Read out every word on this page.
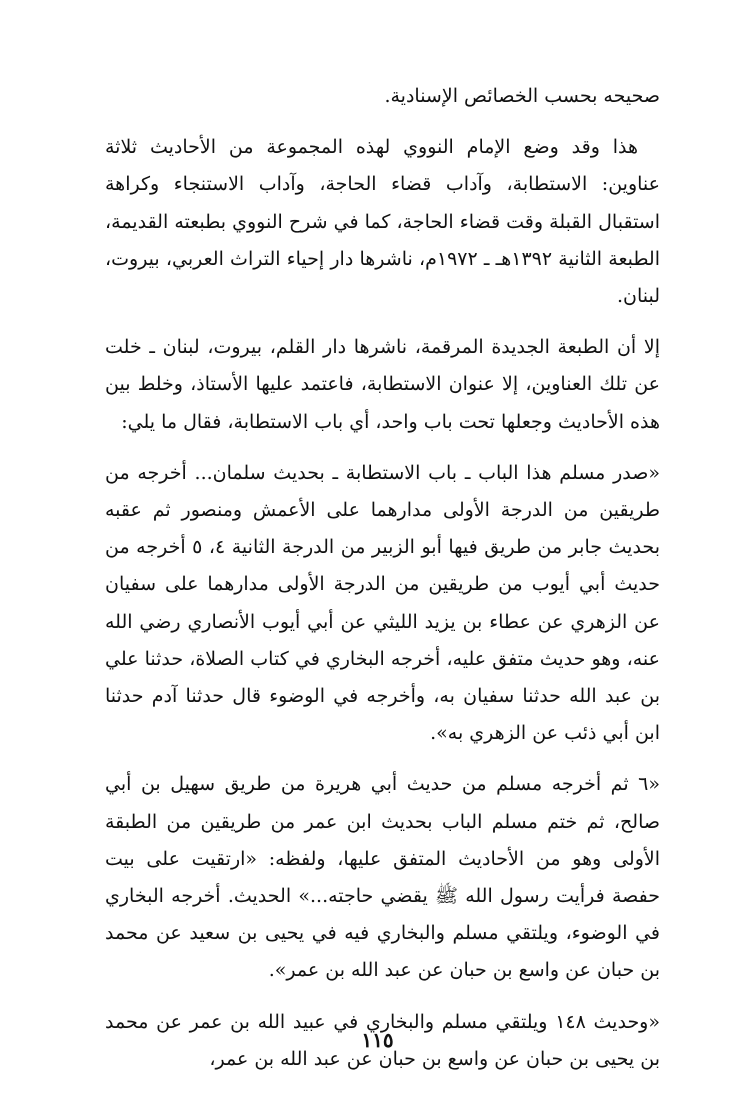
صحيحه بحسب الخصائص الإسنادية.

هذا وقد وضع الإمام النووي لهذه المجموعة من الأحاديث ثلاثة عناوين: الاستطابة، وآداب قضاء الحاجة، وآداب الاستنجاء وكراهة استقبال القبلة وقت قضاء الحاجة، كما في شرح النووي بطبعته القديمة، الطبعة الثانية ١٣٩٢هـ ـ ١٩٧٢م، ناشرها دار إحياء التراث العربي، بيروت، لبنان.

إلا أن الطبعة الجديدة المرقمة، ناشرها دار القلم، بيروت، لبنان ـ خلت عن تلك العناوين، إلا عنوان الاستطابة، فاعتمد عليها الأستاذ، وخلط بين هذه الأحاديث وجعلها تحت باب واحد، أي باب الاستطابة، فقال ما يلي:

«صدر مسلم هذا الباب ـ باب الاستطابة ـ بحديث سلمان... أخرجه من طريقين من الدرجة الأولى مدارهما على الأعمش ومنصور ثم عقبه بحديث جابر من طريق فيها أبو الزبير من الدرجة الثانية ٤، ٥ أخرجه من حديث أبي أيوب من طريقين من الدرجة الأولى مدارهما على سفيان عن الزهري عن عطاء بن يزيد الليثي عن أبي أيوب الأنصاري رضي الله عنه، وهو حديث متفق عليه، أخرجه البخاري في كتاب الصلاة، حدثنا علي بن عبد الله حدثنا سفيان به، وأخرجه في الوضوء قال حدثنا آدم حدثنا ابن أبي ذئب عن الزهري به».

«٦ ثم أخرجه مسلم من حديث أبي هريرة من طريق سهيل بن أبي صالح، ثم ختم مسلم الباب بحديث ابن عمر من طريقين من الطبقة الأولى وهو من الأحاديث المتفق عليها، ولفظه: «ارتقيت على بيت حفصة فرأيت رسول الله ﷺ يقضي حاجته...» الحديث. أخرجه البخاري في الوضوء، ويلتقي مسلم والبخاري فيه في يحيى بن سعيد عن محمد بن حبان عن واسع بن حبان عن عبد الله بن عمر».

«وحديث ١٤٨ ويلتقي مسلم والبخاري في عبيد الله بن عمر عن محمد بن يحيى بن حبان عن واسع بن حبان عن عبد الله بن عمر،

١١٥
